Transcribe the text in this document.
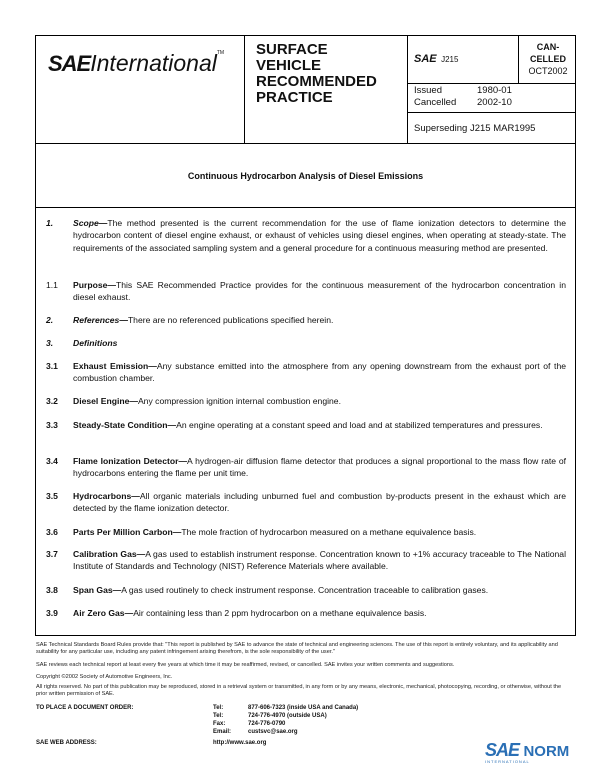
SAEInternational™ SURFACE
VEHICLE
RECOMMENDED
PRACTICE
SAE J215
CAN-
CELLED
OCT2002
Issued	1980-01
Cancelled 2002-10
Superseding J215 MAR1995
Continuous Hydrocarbon Analysis of Diesel Emissions
1. Scope—The method presented is the current recommendation for the use of flame ionization detectors to determine the hydrocarbon content of diesel engine exhaust, or exhaust of vehicles using diesel engines, when operating at steady-state. The requirements of the associated sampling system and a general procedure for a continuous measuring method are presented.
1.1 Purpose—This SAE Recommended Practice provides for the continuous measurement of the hydrocarbon concentration in diesel exhaust.
2. References—There are no referenced publications specified herein.
3. Definitions
3.1 Exhaust Emission—Any substance emitted into the atmosphere from any opening downstream from the exhaust port of the combustion chamber.
3.2 Diesel Engine—Any compression ignition internal combustion engine.
3.3 Steady-State Condition—An engine operating at a constant speed and load and at stabilized temperatures and pressures.
3.4 Flame Ionization Detector—A hydrogen-air diffusion flame detector that produces a signal proportional to the mass flow rate of hydrocarbons entering the flame per unit time.
3.5 Hydrocarbons—All organic materials including unburned fuel and combustion by-products present in the exhaust which are detected by the flame ionization detector.
3.6 Parts Per Million Carbon—The mole fraction of hydrocarbon measured on a methane equivalence basis.
3.7 Calibration Gas—A gas used to establish instrument response. Concentration known to +1% accuracy traceable to The National Institute of Standards and Technology (NIST) Reference Materials where available.
3.8 Span Gas—A gas used routinely to check instrument response. Concentration traceable to calibration gases.
3.9 Air Zero Gas—Air containing less than 2 ppm hydrocarbon on a methane equivalence basis.
SAE Technical Standards Board Rules provide that: "This report is published by SAE to advance the state of technical and engineering sciences. The use of this report is entirely voluntary, and its applicability and suitability for any particular use, including any patent infringement arising therefrom, is the sole responsibility of the user."
SAE reviews each technical report at least every five years at which time it may be reaffirmed, revised, or cancelled. SAE invites your written comments and suggestions.
Copyright ©2002 Society of Automotive Engineers, Inc.
All rights reserved. No part of this publication may be reproduced, stored in a retrieval system or transmitted, in any form or by any means, electronic, mechanical, photocopying, recording, or otherwise, without the prior written permission of SAE.
TO PLACE A DOCUMENT ORDER:	Tel:	877-606-7323 (inside USA and Canada)
Tel:	724-776-4970 (outside USA)
Fax:	724-776-0790
Email:	custsvc@sae.org
SAE WEB ADDRESS:	http://www.sae.org	SAE NORM
INTERNATIONAL
